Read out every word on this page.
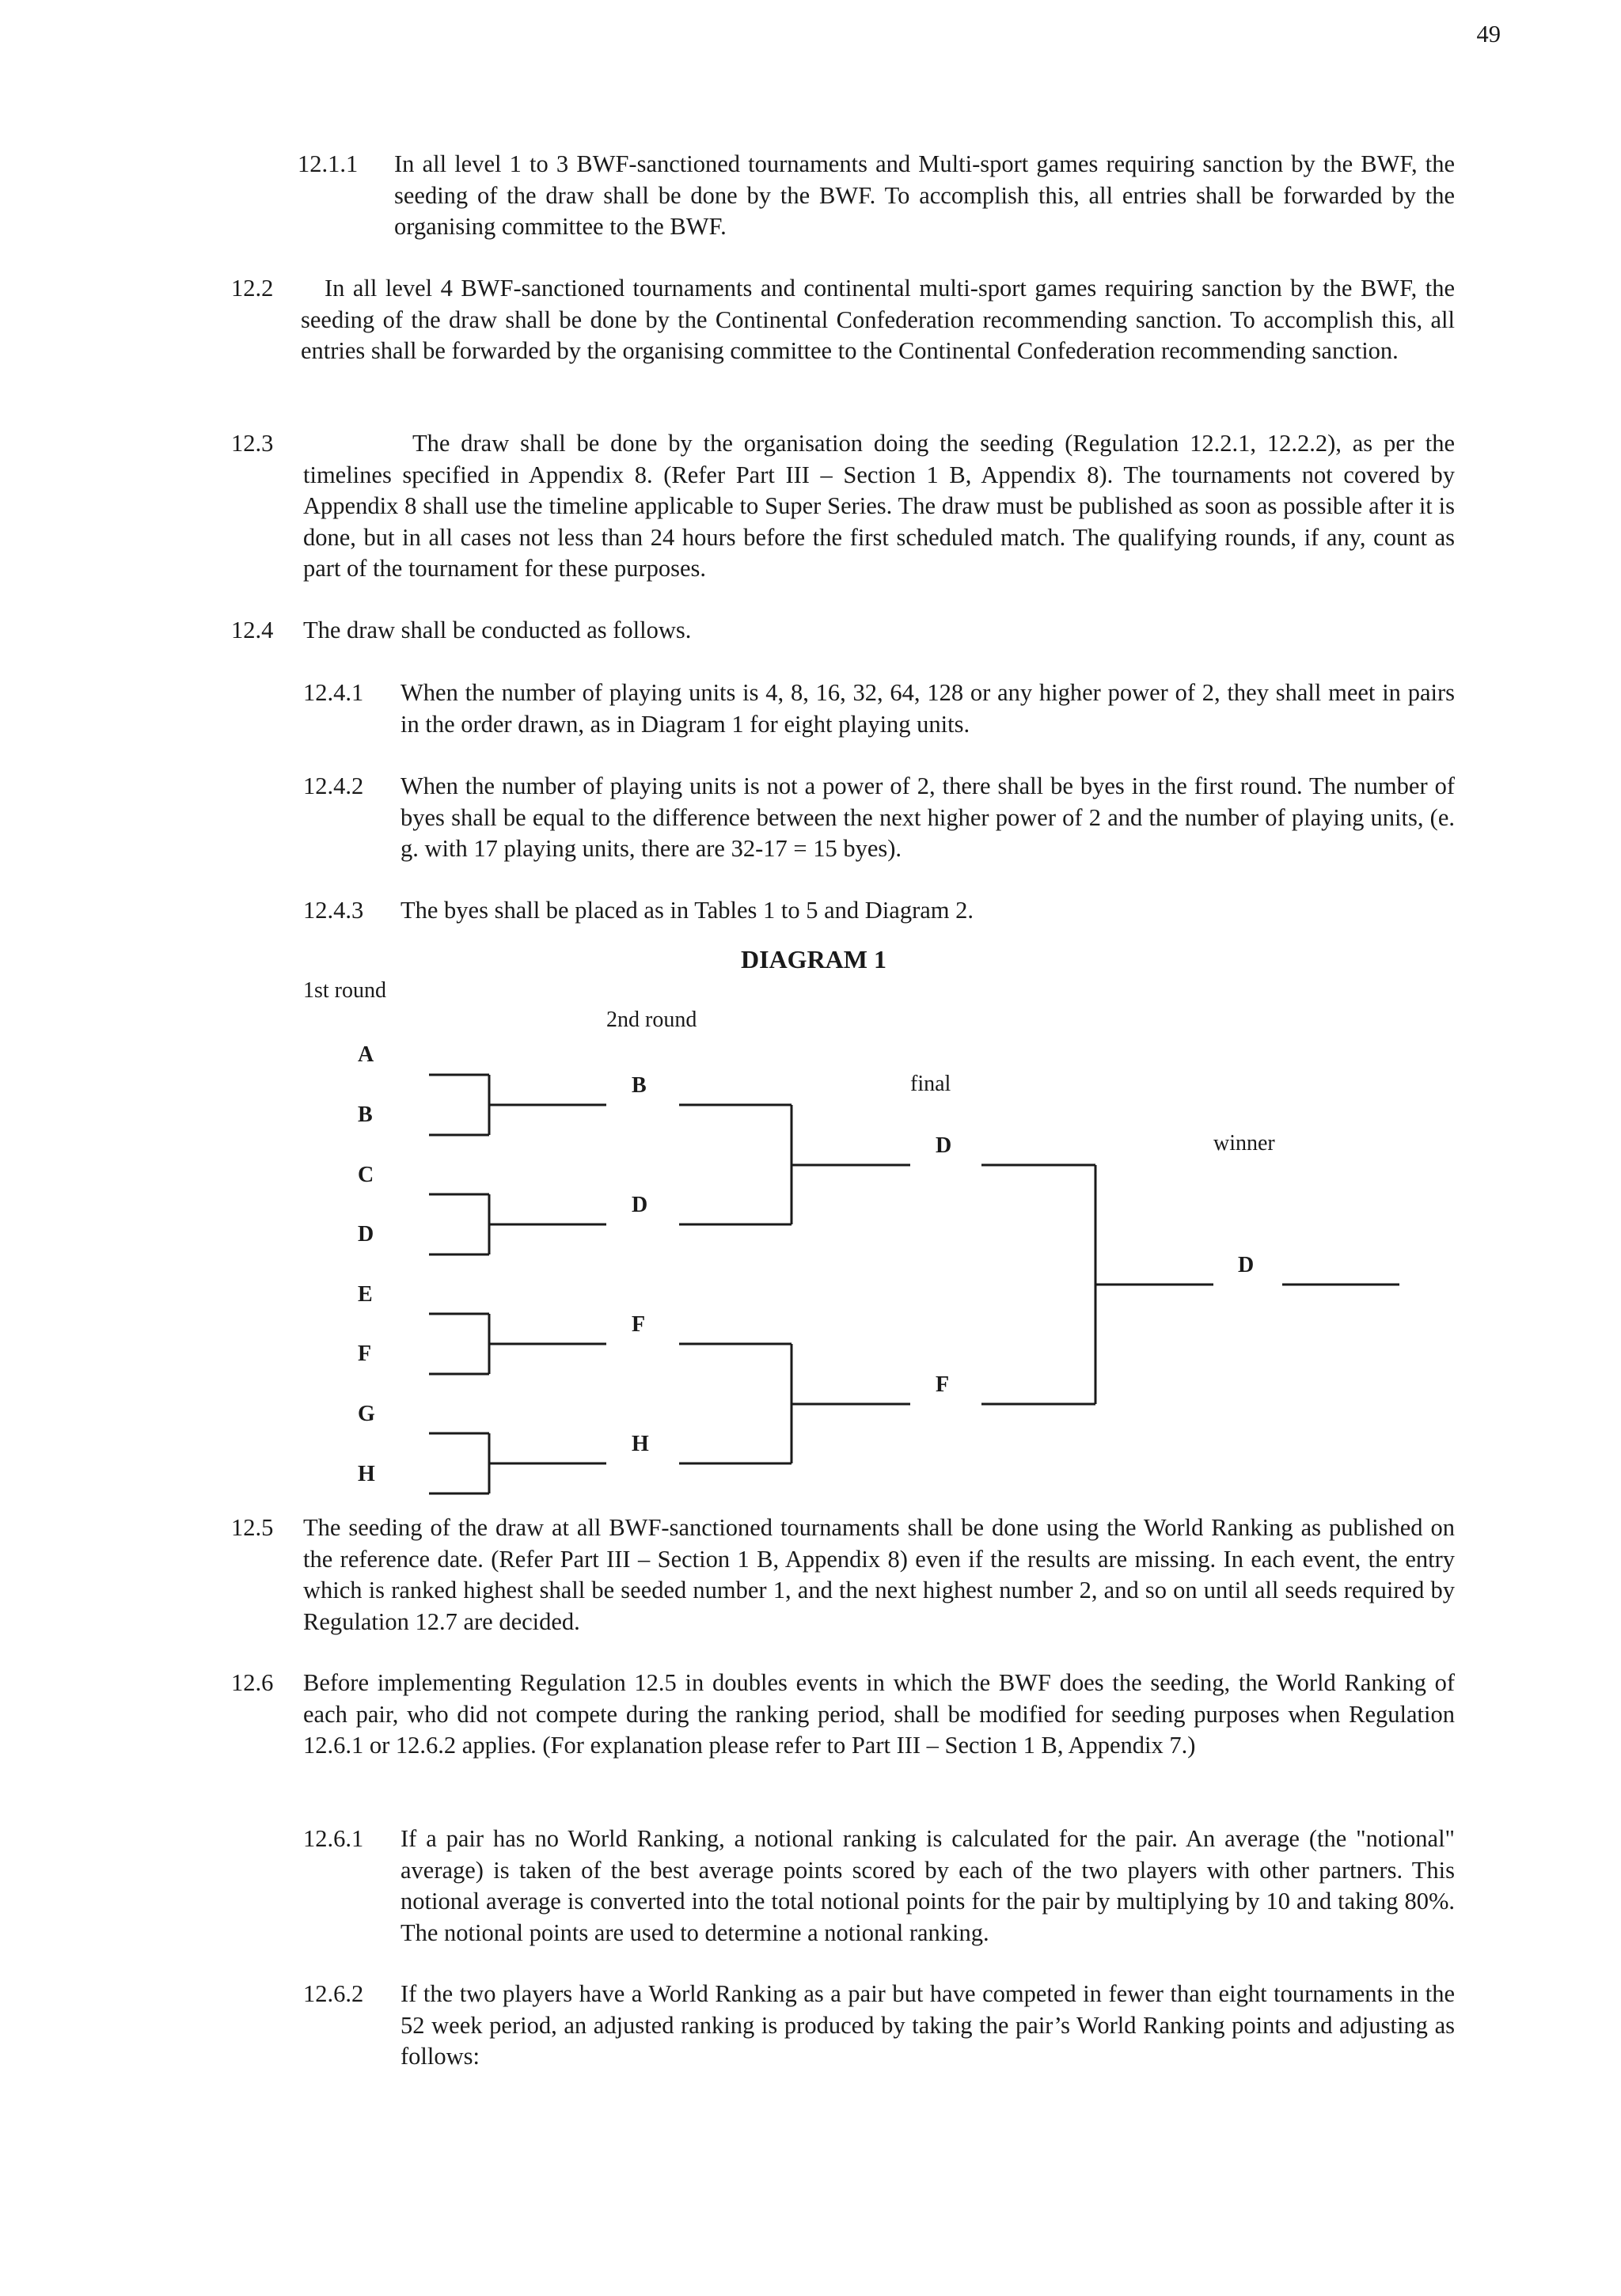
49
12.1.1 In all level 1 to 3 BWF-sanctioned tournaments and Multi-sport games requiring sanction by the BWF, the seeding of the draw shall be done by the BWF. To accomplish this, all entries shall be forwarded by the organising committee to the BWF.
12.2	In all level 4 BWF-sanctioned tournaments and continental multi-sport games requiring sanction by the BWF, the seeding of the draw shall be done by the Continental Confederation recommending sanction. To accomplish this, all entries shall be forwarded by the organising committee to the Continental Confederation recommending sanction.
12.3	The draw shall be done by the organisation doing the seeding (Regulation 12.2.1, 12.2.2), as per the timelines specified in Appendix 8. (Refer Part III – Section 1 B, Appendix 8). The tournaments not covered by Appendix 8 shall use the timeline applicable to Super Series. The draw must be published as soon as possible after it is done, but in all cases not less than 24 hours before the first scheduled match. The qualifying rounds, if any, count as part of the tournament for these purposes.
12.4 The draw shall be conducted as follows.
12.4.1 When the number of playing units is 4, 8, 16, 32, 64, 128 or any higher power of 2, they shall meet in pairs in the order drawn, as in Diagram 1 for eight playing units.
12.4.2 When the number of playing units is not a power of 2, there shall be byes in the first round. The number of byes shall be equal to the difference between the next higher power of 2 and the number of playing units, (e. g. with 17 playing units, there are 32-17 = 15 byes).
12.4.3 The byes shall be placed as in Tables 1 to 5 and Diagram 2.
DIAGRAM 1
1st round
2nd round
final
winner
A
B
C
D
E
F
G
H
B
D
F
H
D
F
D
12.5 The seeding of the draw at all BWF-sanctioned tournaments shall be done using the World Ranking as published on the reference date. (Refer Part III – Section 1 B, Appendix 8) even if the results are missing. In each event, the entry which is ranked highest shall be seeded number 1, and the next highest number 2, and so on until all seeds required by Regulation 12.7 are decided.
12.6 Before implementing Regulation 12.5 in doubles events in which the BWF does the seeding, the World Ranking of each pair, who did not compete during the ranking period, shall be modified for seeding purposes when Regulation 12.6.1 or 12.6.2 applies. (For explanation please refer to Part III – Section 1 B, Appendix 7.)
12.6.1 If a pair has no World Ranking, a notional ranking is calculated for the pair. An average (the "notional" average) is taken of the best average points scored by each of the two players with other partners. This notional average is converted into the total notional points for the pair by multiplying by 10 and taking 80%. The notional points are used to determine a notional ranking.
12.6.2 If the two players have a World Ranking as a pair but have competed in fewer than eight tournaments in the 52 week period, an adjusted ranking is produced by taking the pair’s World Ranking points and adjusting as follows:
